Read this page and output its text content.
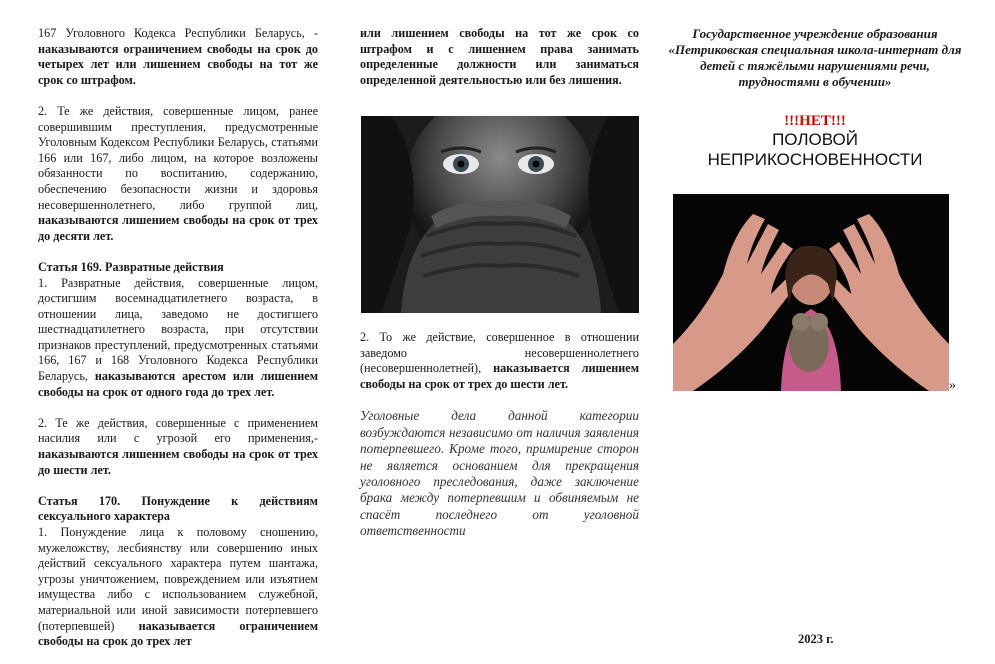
167 Уголовного Кодекса Республики Беларусь, - наказываются ограничением свободы на срок до четырех лет или лишением свободы на тот же срок со штрафом.

2. Те же действия, совершенные лицом, ранее совершившим преступления, предусмотренные Уголовным Кодексом Республики Беларусь, статьями 166 или 167, либо лицом, на которое возложены обязанности по воспитанию, содержанию, обеспечению безопасности жизни и здоровья несовершеннолетнего, либо группой лиц, наказываются лишением свободы на срок от трех до десяти лет.

Статья 169. Развратные действия

1. Развратные действия, совершенные лицом, достигшим восемнадцатилетнего возраста, в отношении лица, заведомо не достигшего шестнадцатилетнего возраста, при отсутствии признаков преступлений, предусмотренных статьями 166, 167 и 168 Уголовного Кодекса Республики Беларусь, наказываются арестом или лишением свободы на срок от одного года до трех лет.

2. Те же действия, совершенные с применением насилия или с угрозой его применения,- наказываются лишением свободы на срок от трех до шести лет.

Статья 170. Понуждение к действиям сексуального характера

1. Понуждение лица к половому сношению, мужеложству, лесбиянству или совершению иных действий сексуального характера путем шантажа, угрозы уничтожением, повреждением или изъятием имущества либо с использованием служебной, материальной или иной зависимости потерпевшего (потерпевшей) наказывается ограничением свободы на срок до трех лет

или лишением свободы на тот же срок со штрафом и с лишением права занимать определенные должности или заниматься определенной деятельностью или без лишения.

2. То же действие, совершенное в отношении заведомо несовершеннолетнего (несовершеннолетней), наказывается лишением свободы на срок от трех до шести лет.

Уголовные дела данной категории возбуждаются независимо от наличия заявления потерпевшего. Кроме того, примирение сторон не является основанием для прекращения уголовного преследования, даже заключение брака между потерпевшим и обвиняемым не спасёт последнего от уголовной ответственности

Государственное учреждение образования «Петриковская специальная школа-интернат для детей с тяжёлыми нарушениями речи, трудностями в обучении»

!!!НЕТ!!!

ПОЛОВОЙ

НЕПРИКОСНОВЕННОСТИ

»
2023 г.
